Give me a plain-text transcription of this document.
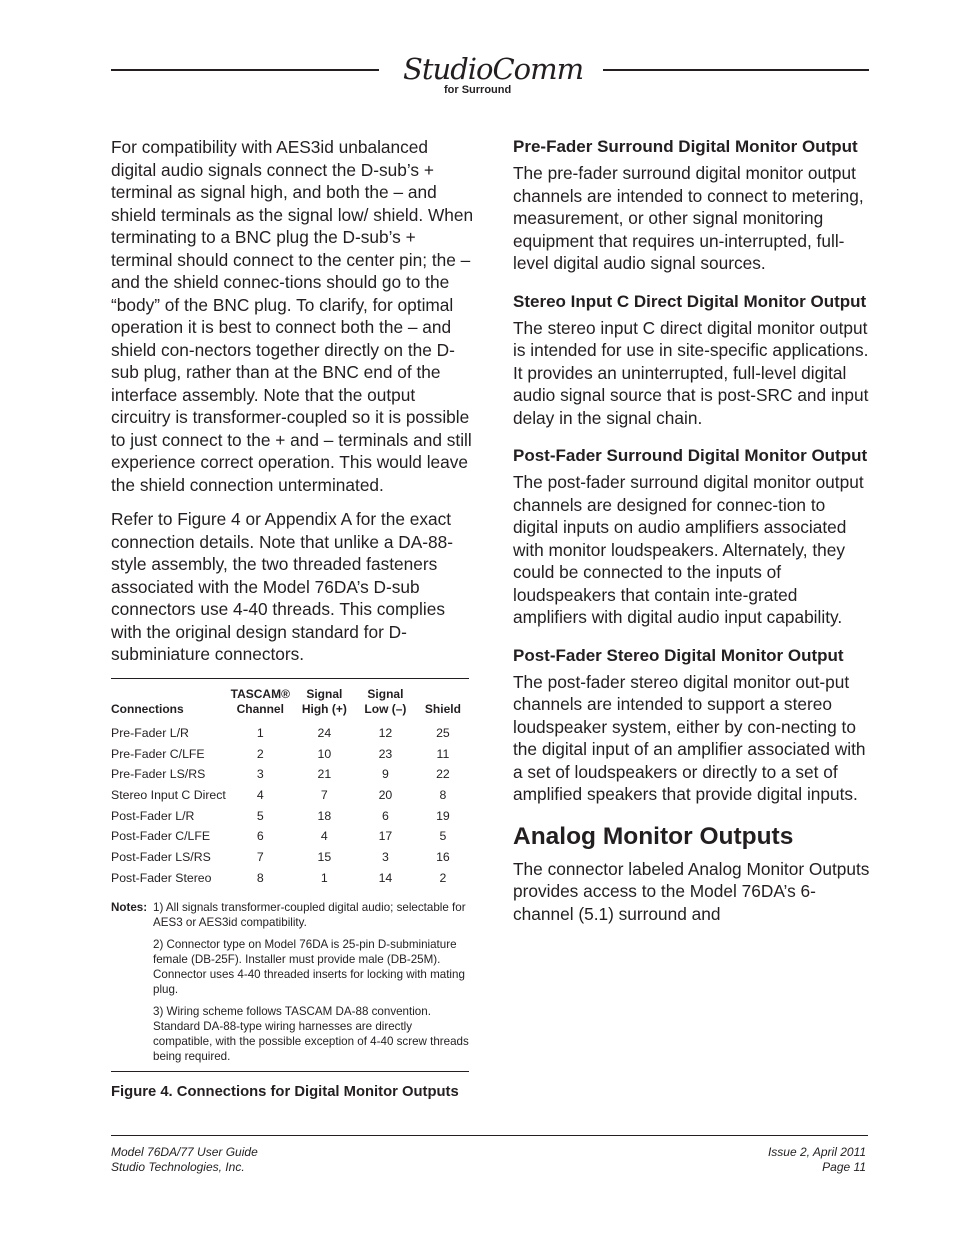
StudioComm
for Surround

For compatibility with AES3id unbalanced digital audio signals connect the D-sub’s + terminal as signal high, and both the – and shield terminals as the signal low/ shield. When terminating to a BNC plug the D-sub’s + terminal should connect to the center pin; the – and the shield connec-tions should go to the “body” of the BNC plug. To clarify, for optimal operation it is best to connect both the – and shield con-nectors together directly on the D-sub plug, rather than at the BNC end of the interface assembly. Note that the output circuitry is transformer-coupled so it is possible to just connect to the + and – terminals and still experience correct operation. This would leave the shield connection unterminated.

Refer to Figure 4 or Appendix A for the exact connection details. Note that unlike a DA-88-style assembly, the two threaded fasteners associated with the Model 76DA’s D-sub connectors use 4-40 threads. This complies with the original design standard for D-subminiature connectors.

Connections	TASCAM® Channel	Signal High (+)	Signal Low (–)	Shield
Pre-Fader L/R	1	24	12	25
Pre-Fader C/LFE	2	10	23	11
Pre-Fader LS/RS	3	21	9	22
Stereo Input C Direct	4	7	20	8
Post-Fader L/R	5	18	6	19
Post-Fader C/LFE	6	4	17	5
Post-Fader LS/RS	7	15	3	16
Post-Fader Stereo	8	1	14	2
Notes: 1) All signals transformer-coupled digital audio; selectable for AES3 or AES3id compatibility.
2) Connector type on Model 76DA is 25-pin D-subminiature female (DB-25F). Installer must provide male (DB-25M). Connector uses 4-40 threaded inserts for locking with mating plug.
3) Wiring scheme follows TASCAM DA-88 convention. Standard DA-88-type wiring harnesses are directly compatible, with the possible exception of 4-40 screw threads being required.
Figure 4. Connections for Digital Monitor Outputs
Pre-Fader Surround Digital Monitor Output

The pre-fader surround digital monitor output channels are intended to connect to metering, measurement, or other signal monitoring equipment that requires un-interrupted, full-level digital audio signal sources.

Stereo Input C Direct Digital Monitor Output

The stereo input C direct digital monitor output is intended for use in site-specific applications. It provides an uninterrupted, full-level digital audio signal source that is post-SRC and input delay in the signal chain.

Post-Fader Surround Digital Monitor Output

The post-fader surround digital monitor output channels are designed for connec-tion to digital inputs on audio amplifiers associated with monitor loudspeakers. Alternately, they could be connected to the inputs of loudspeakers that contain inte-grated amplifiers with digital audio input capability.

Post-Fader Stereo Digital Monitor Output

The post-fader stereo digital monitor out-put channels are intended to support a stereo loudspeaker system, either by con-necting to the digital input of an amplifier associated with a set of loudspeakers or directly to a set of amplified speakers that provide digital inputs.

Analog Monitor Outputs

The connector labeled Analog Monitor Outputs provides access to the Model 76DA’s 6-channel (5.1) surround and

Model 76DA/77 User Guide
Studio Technologies, Inc.
Issue 2, April 2011
Page 11
